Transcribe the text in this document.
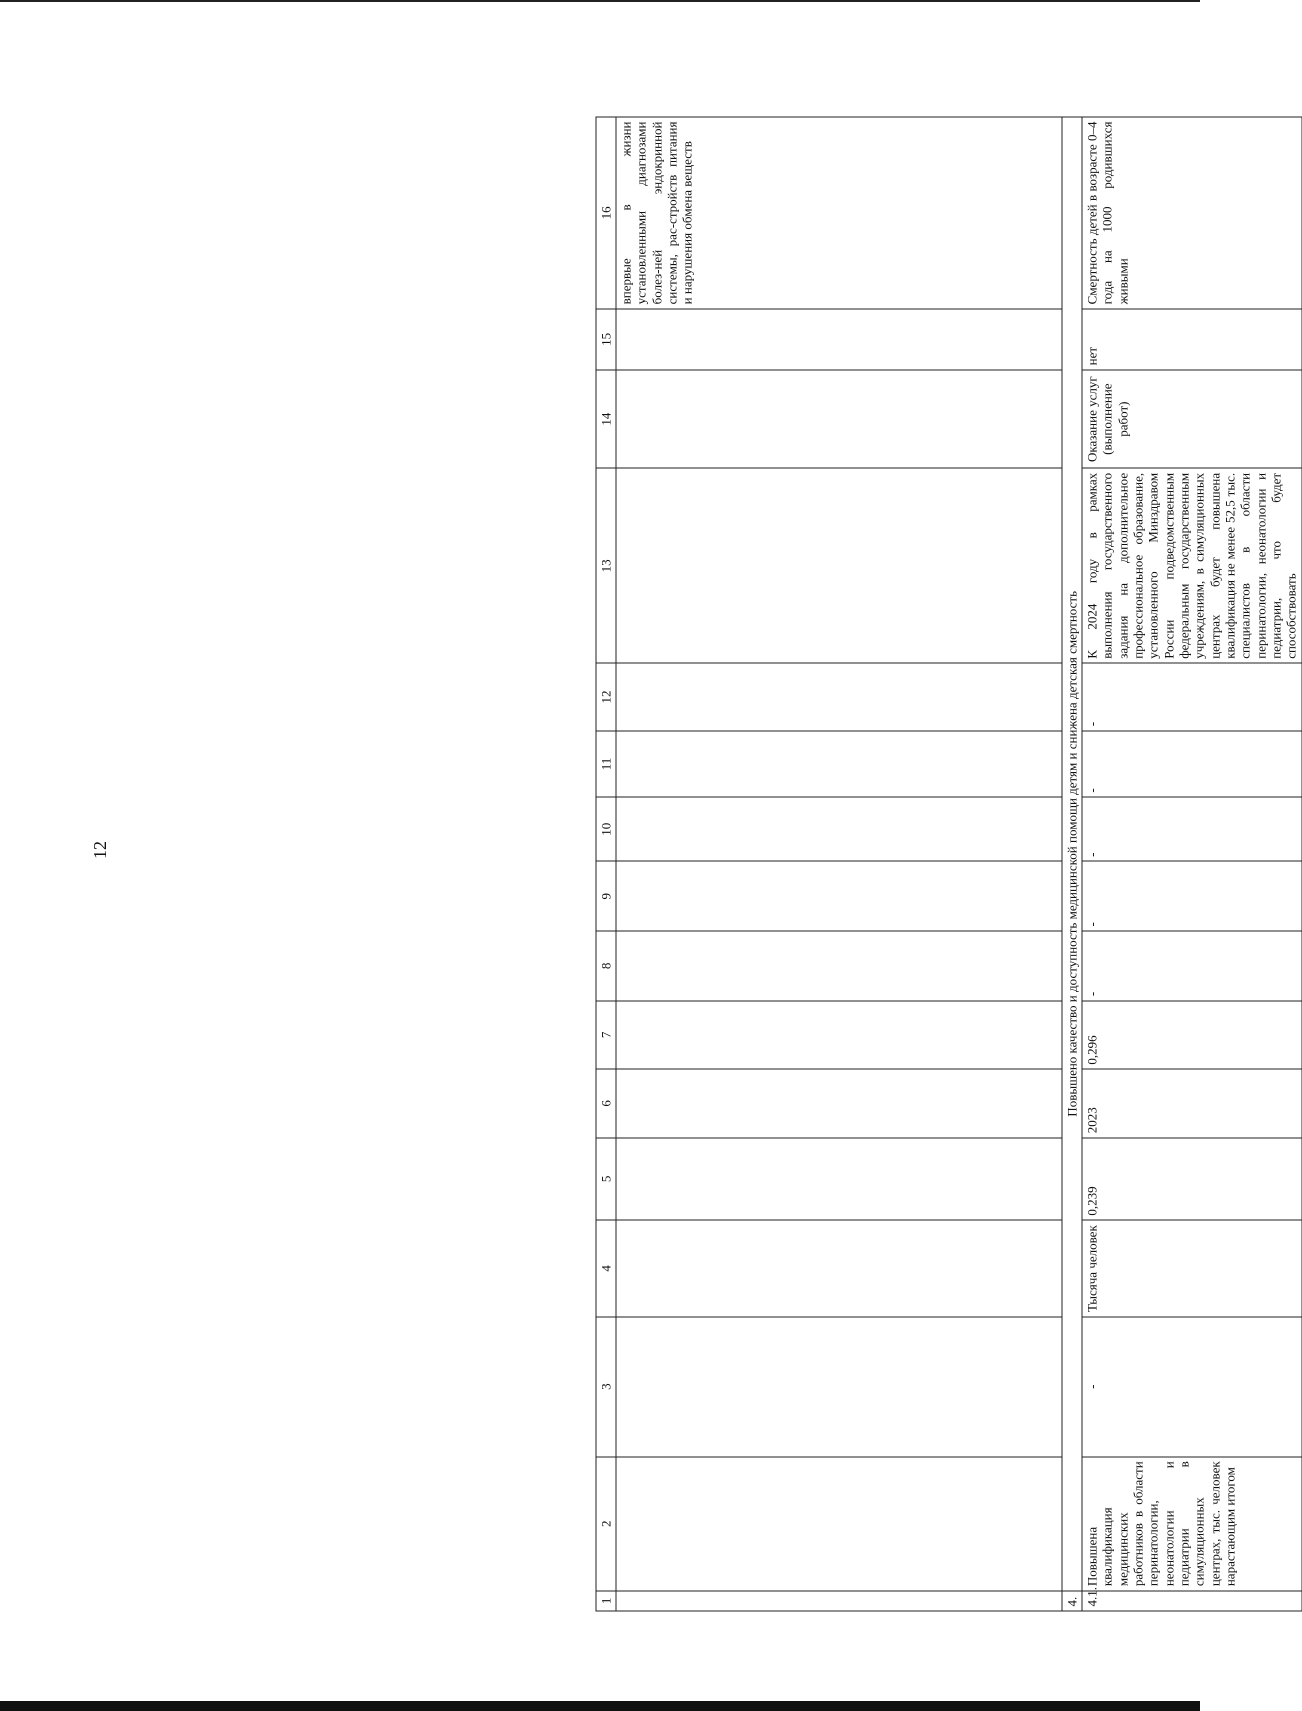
12
1	2	3	4	5	6	7	8	9	10	11	12	13	14	15	16
															впервые в жизни установленными диагнозами болез-ней эндокринной системы, рас-стройств питания и нарушения обмена веществ
4.	Повышено качество и доступность медицинской помощи детям и снижена детская смертность														
4.1.	Повышена квалификация медицинских работников в области перинатологии, неонатологии и педиатрии в симуляционных центрах, тыс. человек нарастающим итогом	-	Тысяча человек	0,239	2023	0,296	-	-	-	-	-	К 2024 году в рамках выполнения государственного задания на дополнительное профессиональное образование, установленного Минздравом России подведомственным федеральным государственным учреждениям, в симуляционных центрах будет повышена квалификация не менее 52,5 тыс. специалистов в области перинатологии, неонатологии и педиатрии, что будет способствовать	Оказание услуг (выполнение работ)	нет	Смертность детей в возрасте 0–4 года на 1000 родившихся живыми
